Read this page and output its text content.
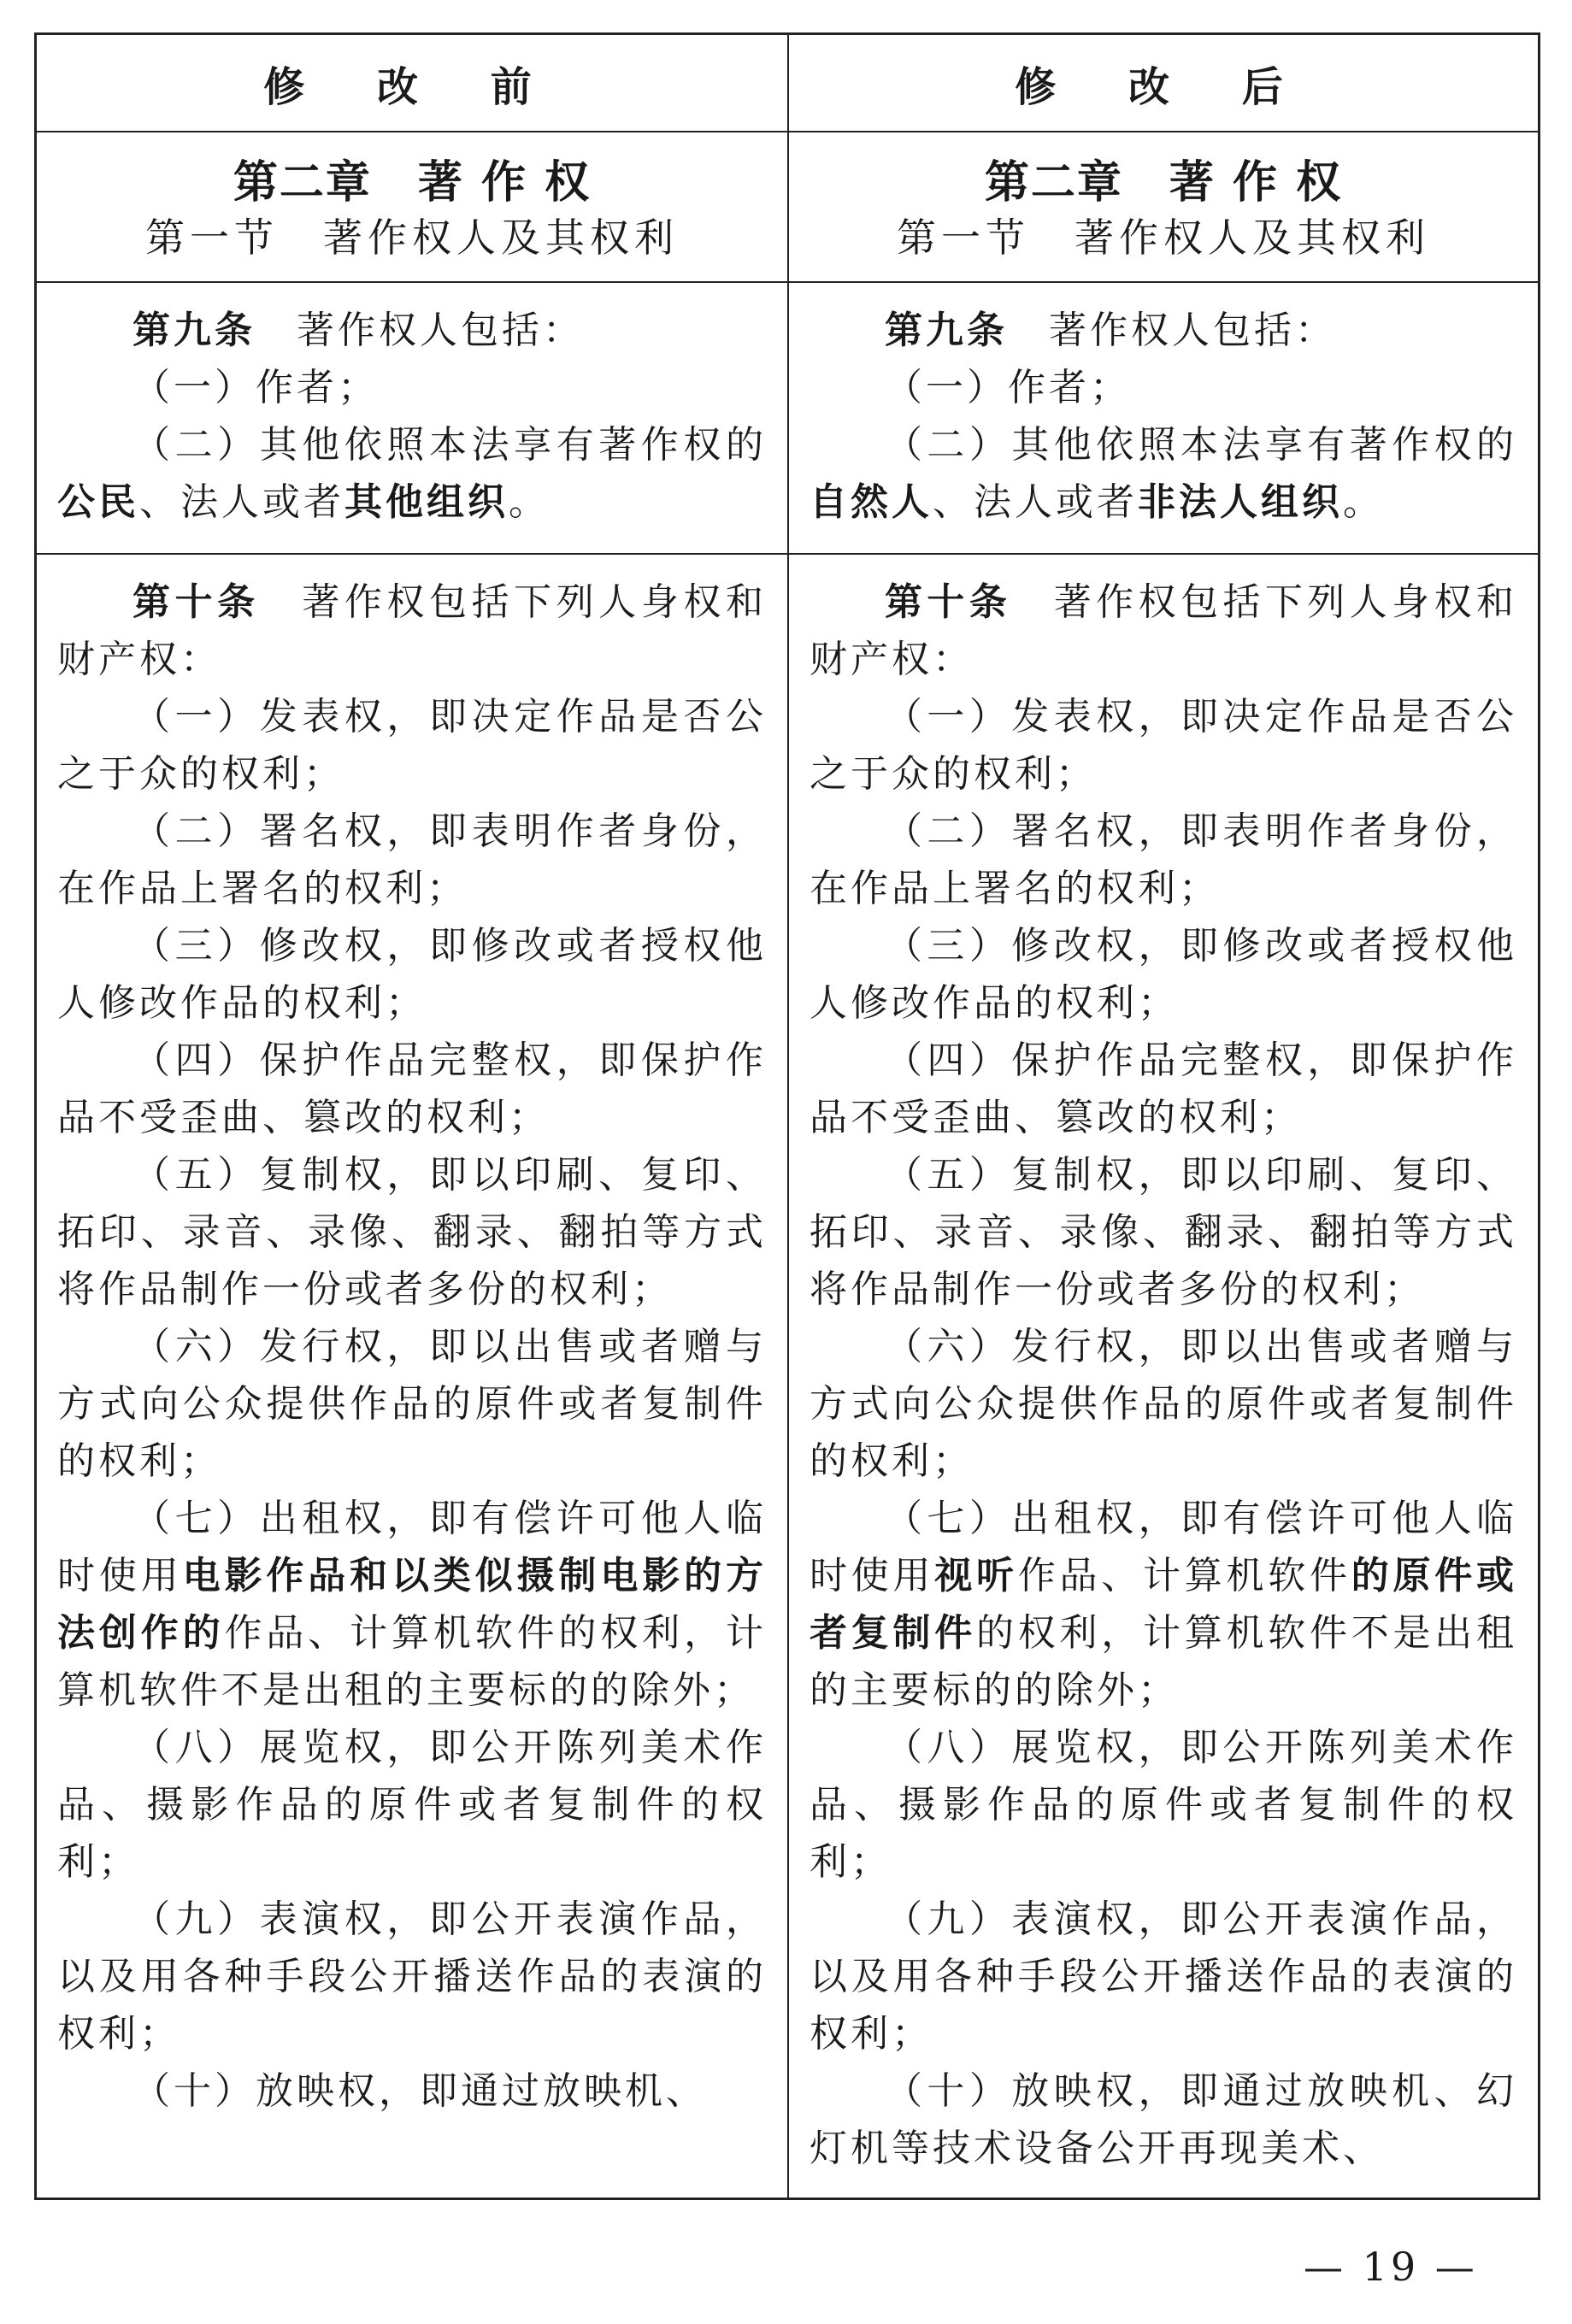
修 改 前	修 改 后
第二章　著 作 权
第一节　著作权人及其权利
第二章　著 作 权
第一节　著作权人及其权利
第九条　著作权人包括：
（一）作者；
（二）其他依照本法享有著作权的公民、法人或者其他组织。
第九条　著作权人包括：
（一）作者；
（二）其他依照本法享有著作权的自然人、法人或者非法人组织。
第十条　著作权包括下列人身权和财产权：
（一）发表权，即决定作品是否公之于众的权利；
（二）署名权，即表明作者身份，在作品上署名的权利；
（三）修改权，即修改或者授权他人修改作品的权利；
（四）保护作品完整权，即保护作品不受歪曲、篡改的权利；
（五）复制权，即以印刷、复印、拓印、录音、录像、翻录、翻拍等方式将作品制作一份或者多份的权利；
（六）发行权，即以出售或者赠与方式向公众提供作品的原件或者复制件的权利；
（七）出租权，即有偿许可他人临时使用电影作品和以类似摄制电影的方法创作的作品、计算机软件的权利，计算机软件不是出租的主要标的的除外；
（八）展览权，即公开陈列美术作品、摄影作品的原件或者复制件的权利；
（九）表演权，即公开表演作品，以及用各种手段公开播送作品的表演的权利；
（十）放映权，即通过放映机、
第十条　著作权包括下列人身权和财产权：
（一）发表权，即决定作品是否公之于众的权利；
（二）署名权，即表明作者身份，在作品上署名的权利；
（三）修改权，即修改或者授权他人修改作品的权利；
（四）保护作品完整权，即保护作品不受歪曲、篡改的权利；
（五）复制权，即以印刷、复印、拓印、录音、录像、翻录、翻拍等方式将作品制作一份或者多份的权利；
（六）发行权，即以出售或者赠与方式向公众提供作品的原件或者复制件的权利；
（七）出租权，即有偿许可他人临时使用视听作品、计算机软件的原件或者复制件的权利，计算机软件不是出租的主要标的的除外；
（八）展览权，即公开陈列美术作品、摄影作品的原件或者复制件的权利；
（九）表演权，即公开表演作品，以及用各种手段公开播送作品的表演的权利；
（十）放映权，即通过放映机、幻灯机等技术设备公开再现美术、
— 19 —
